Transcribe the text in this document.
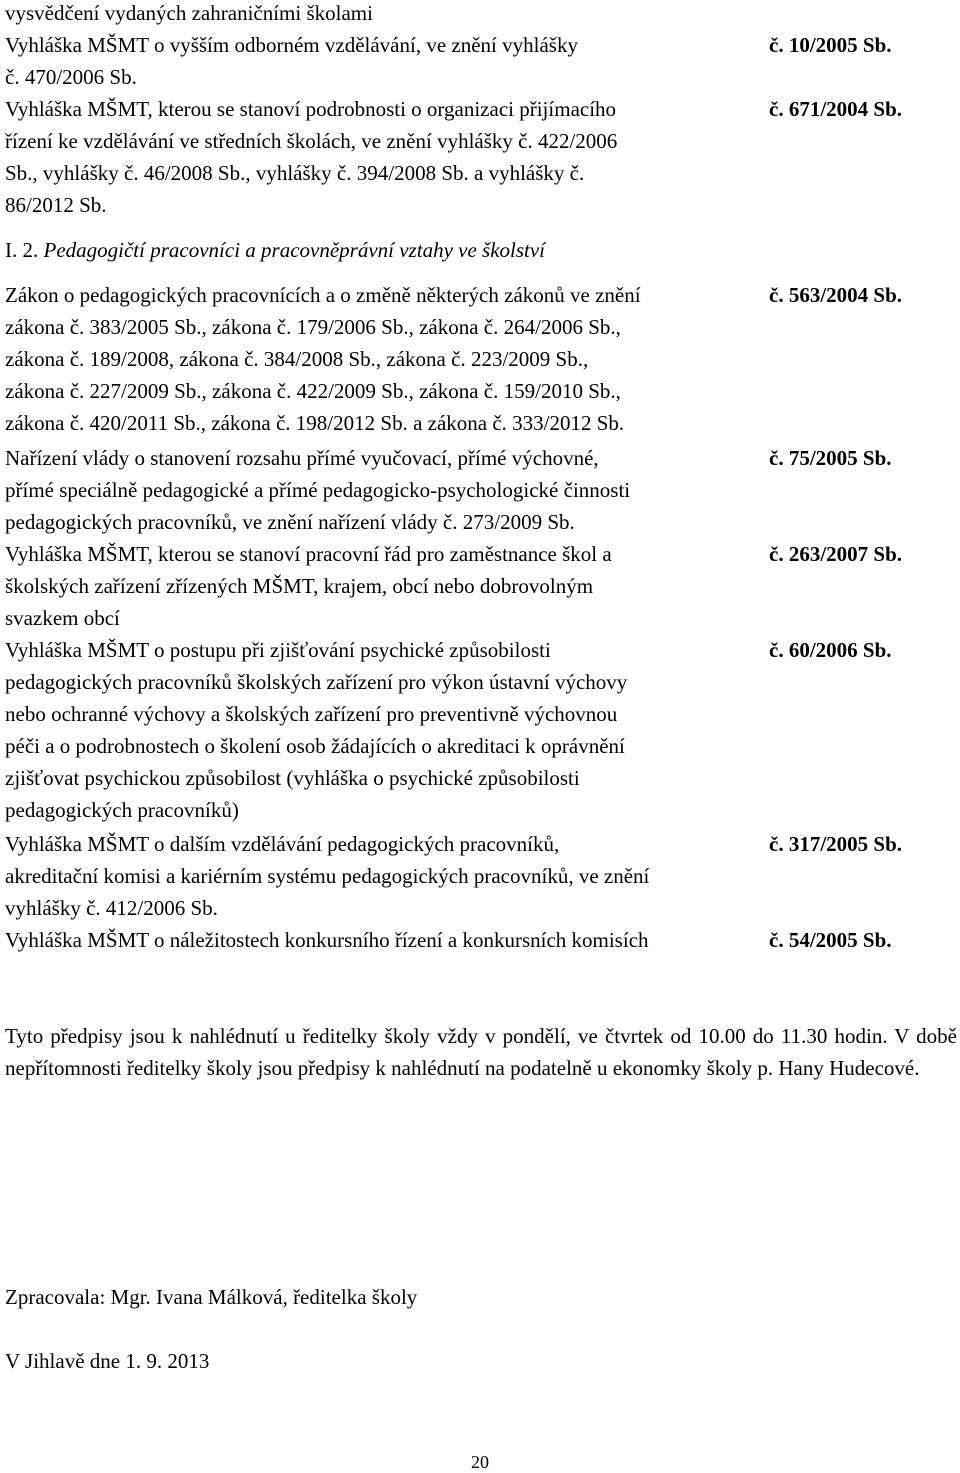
vysvědčení vydaných zahraničními školami
Vyhláška MŠMT o vyšším odborném vzdělávání, ve znění vyhlášky
č. 470/2006 Sb.
č. 10/2005 Sb.
Vyhláška MŠMT, kterou se stanoví podrobnosti o organizaci přijímacího
řízení ke vzdělávání ve středních školách, ve znění vyhlášky č. 422/2006
Sb., vyhlášky č. 46/2008 Sb., vyhlášky č. 394/2008 Sb. a vyhlášky č.
86/2012 Sb.
č. 671/2004 Sb.
I. 2. Pedagogičtí pracovníci a pracovněprávní vztahy ve školství
Zákon o pedagogických pracovnících a o změně některých zákonů ve znění
zákona č. 383/2005 Sb., zákona č. 179/2006 Sb., zákona č. 264/2006 Sb.,
zákona č. 189/2008, zákona č. 384/2008 Sb., zákona č. 223/2009 Sb.,
zákona č. 227/2009 Sb., zákona č. 422/2009 Sb., zákona č. 159/2010 Sb.,
zákona č. 420/2011 Sb., zákona č. 198/2012 Sb. a zákona č. 333/2012 Sb.
č. 563/2004 Sb.
Nařízení vlády o stanovení rozsahu přímé vyučovací, přímé výchovné,
přímé speciálně pedagogické a přímé pedagogicko-psychologické činnosti
pedagogických pracovníků, ve znění nařízení vlády č. 273/2009 Sb.
č. 75/2005 Sb.
Vyhláška MŠMT, kterou se stanoví pracovní řád pro zaměstnance škol a
školských zařízení zřízených MŠMT, krajem, obcí nebo dobrovolným
svazkem obcí
č. 263/2007 Sb.
Vyhláška MŠMT o postupu při zjišťování psychické způsobilosti
pedagogických pracovníků školských zařízení pro výkon ústavní výchovy
nebo ochranné výchovy a školských zařízení pro preventivně výchovnou
péči a o podrobnostech o školení osob žádajících o akreditaci k oprávnění
zjišťovat psychickou způsobilost (vyhláška o psychické způsobilosti
pedagogických pracovníků)
č. 60/2006 Sb.
Vyhláška MŠMT o dalším vzdělávání pedagogických pracovníků,
akreditační komisi a kariérním systému pedagogických pracovníků, ve znění
vyhlášky č. 412/2006 Sb.
č. 317/2005 Sb.
Vyhláška MŠMT o náležitostech konkursního řízení a konkursních komisích	č. 54/2005 Sb.
Tyto předpisy jsou k nahlédnutí u ředitelky školy vždy v pondělí, ve čtvrtek od 10.00 do 11.30 hodin. V době nepřítomnosti ředitelky školy jsou předpisy k nahlédnutí na podatelně u ekonomky školy p. Hany Hudecové.
Zpracovala: Mgr. Ivana Málková, ředitelka školy
V Jihlavě dne 1. 9. 2013
20
